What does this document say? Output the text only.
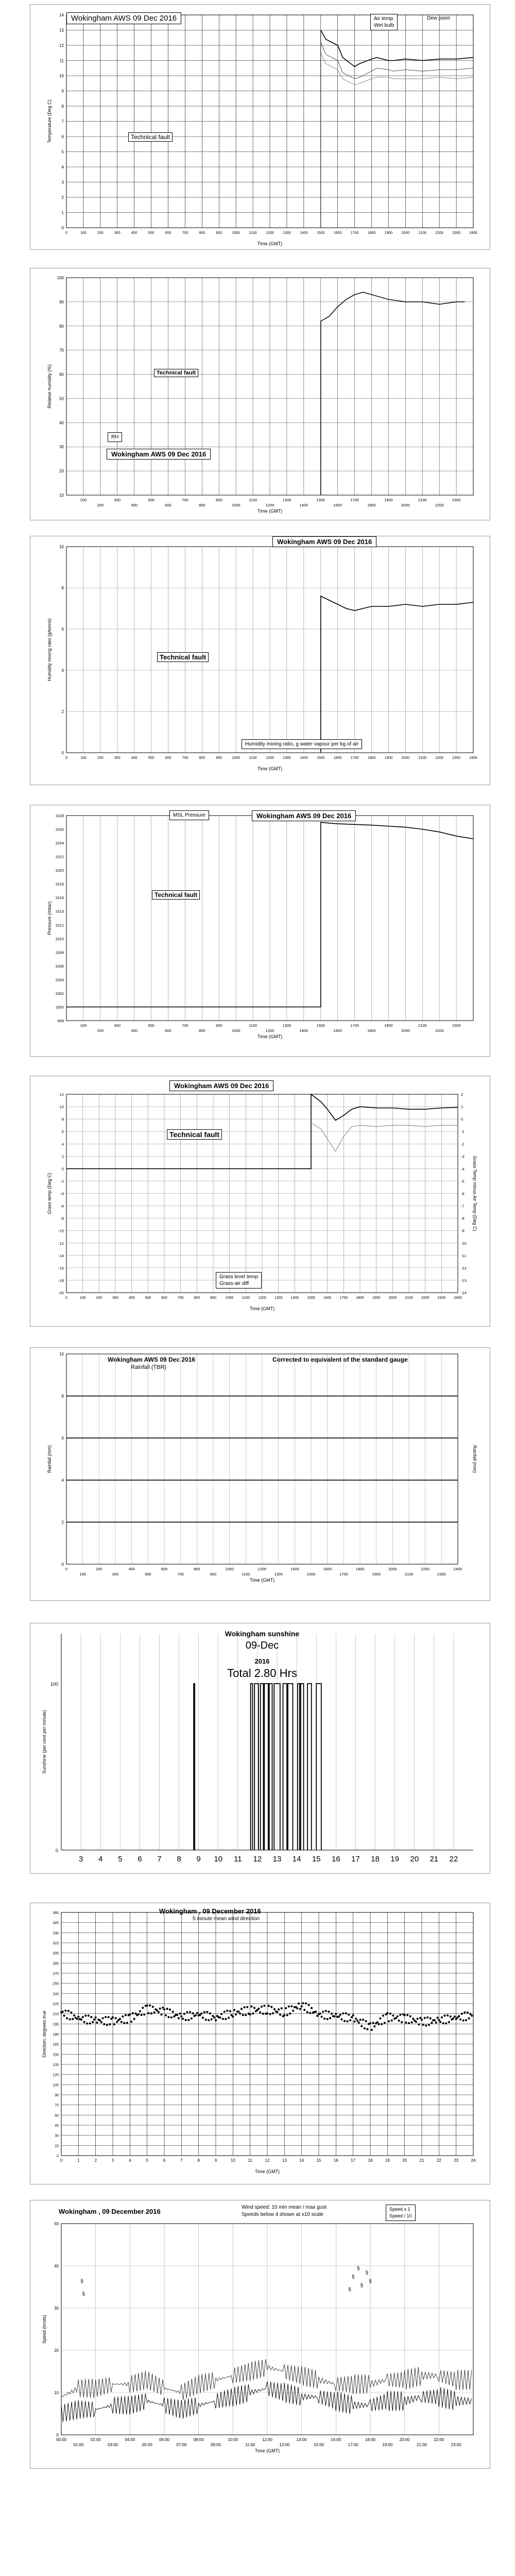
0	100	200	300	400	500	600	700	800	900	1000	1100	1200 1300 1400 1500 1600 1700 1800 1900 2000 2100 2200 2300 2400
0
1
2
3
4
5
6
7
8
9
10
11
12
13
14
Time (GMT)
Temperature (Deg C)
Wokingham AWS 09 Dec 2016	Air temp
Wet bulb
Dew point
Technical fault
100
200
300
400
500
600
700
800
900
1000
1100
1200
1300
1400
1500
1600
1700
1800
1900
2000
2100
2200
2300
10
20
30
40
50
60
70
80
90
100
Time (GMT)
Relative humidity (%)	Technical fault
RH
Wokingham AWS 09 Dec 2016
0	100	200	300	400	500	600	700	800	900	1000	1100	1200 1300 1400 1500 1600 1700 1800 1900 2000 2100 2200 2300 2400
0
2
4
6
8
10
Time (GMT)
Humidity mixing ratio (g/tonne)
Wokingham AWS 09 Dec 2016
Technical fault
Humidity mixing ratio, g water vapour per kg of air
100
200
300
400
500
600
700
800
900
1000
1100
1200
1300
1400
1500
1600
1700
1800
1900
2000
2100
2200
2300
998
1000
1002
1004
1006
1008
1010
1012
1014
1016
1018
1020
1022
1024
1026
1028
Time (GMT)
Pressure (mbar)
MSL Pressure	Wokingham AWS 09 Dec 2016
Technical fault
0	100	200	300	400	500	600	700	800	900	1000 1100 1200 1300 1400 1500 1600 1700 1800 1900 2000 2100 2200 2300 2400
12
10
8
6
4
2
0
-2
-4
-6
-8
-10
-12
-14
-16
-18
-20
2
1
0
-1
-2
-3
-4
-5
-6
-7
-8
-9
-10
-11
-12
-13
-14
Time (GMT)
Grass temp (Deg C)	Grass Temp minus Air Temp (Deg C)
Wokingham AWS 09 Dec 2016
Technical fault
Grass level temp
Grass-air diff
0
100
200
300
400
500
600
700
800
900
1000
1100
1200
1300
1400
1500
1600
1700
1800
1900
2000
2100
2200
2300
2400
0
2
4
6
8
10
Time (GMT)
Rainfall (mm)	Rainfall (mm)
Wokingham AWS 09 Dec 2016
Rainfall (TBR)
Corrected to equivalent of the standard gauge
3 4 5 6 7 8 9 10 11 12 13 14 15 16 17 18 19 20 21 22
0
100
Sunshine (per cent per minute)
Wokingham sunshine
09-Dec
2016
Total 2.80 Hrs
0	1	2	3	4	5	6	7	8	9	10	11	12	13	14	15	16	17	18	19	20	21	22	23	24
0
15
30
45
60
75
90
105
120
135
150
165
180
195
210
225
240
255
270
285
300
315
330
345
360
Time (GMT)
Direction, degrees true
Wokingham , 09 December 2016
5 minute mean wind direction
00:00	02:00	04:00	06:00	08:00	10:00	12:00	14:00	16:00	18:00	20:00	22:00
01:00	03:00	05:00	07:00	09:00	11:00	13:00	15:00	17:00	19:00	21:00	23:00
0
10
20
30
40
50
Time (GMT)
Speed (knots)
§
§
§
§
§
§
§
§
Wokingham , 09 December 2016
Wind speed: 10 min mean / max gust
Speeds below 4 shown at x10 scale
Speed x 1
Speed / 10
